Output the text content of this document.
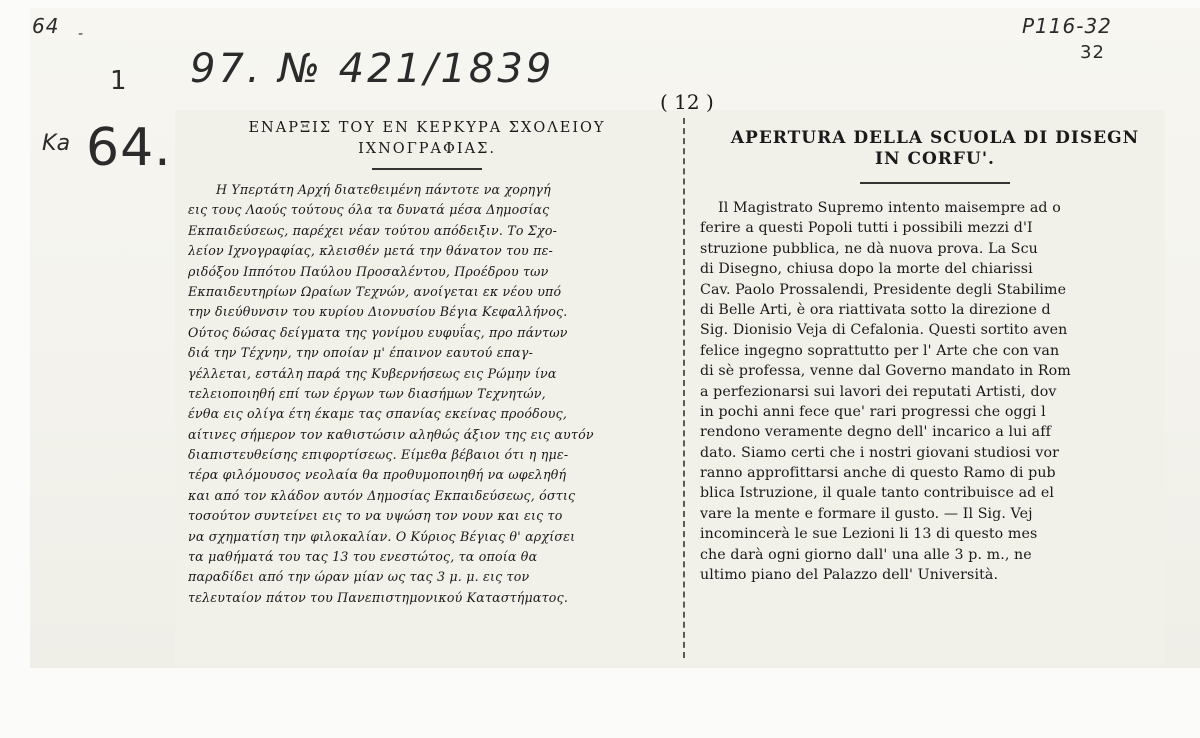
64 -
1
Ka 64.
97. № 421/1839
P116-32
32
( 12 )
ΕΝΑΡΞΙΣ ΤΟΥ ΕΝ ΚΕΡΚΥΡΑ ΣΧΟΛΕΙΟΥ
ΙΧΝΟΓΡΑΦΙΑΣ.
Η Υπερτάτη Αρχή διατεθειμένη πάντοτε να χορηγή
εις τους Λαούς τούτους όλα τα δυνατά μέσα Δημοσίας
Εκπαιδεύσεως, παρέχει νέαν τούτου απόδειξιν. Το Σχο-
λείον Ιχνογραφίας, κλεισθέν μετά την θάνατον του πε-
ριδόξου Ιππότου Παύλου Προσαλέντου, Προέδρου των
Εκπαιδευτηρίων Ωραίων Τεχνών, ανοίγεται εκ νέου υπό
την διεύθυνσιν του κυρίου Διονυσίου Βέγια Κεφαλλήνος.
Ούτος δώσας δείγματα της γονίμου ευφυΐας, προ πάντων
διά την Τέχνην, την οποίαν μ' έπαινον εαυτού επαγ-
γέλλεται, εστάλη παρά της Κυβερνήσεως εις Ρώμην ίνα
τελειοποιηθή επί των έργων των διασήμων Τεχνητών,
ένθα εις ολίγα έτη έκαμε τας σπανίας εκείνας προόδους,
αίτινες σήμερον τον καθιστώσιν αληθώς άξιον της εις αυτόν
διαπιστευθείσης επιφορτίσεως. Είμεθα βέβαιοι ότι η ημε-
τέρα φιλόμουσος νεολαία θα προθυμοποιηθή να ωφεληθή
και από τον κλάδον αυτόν Δημοσίας Εκπαιδεύσεως, όστις
τοσούτον συντείνει εις το να υψώση τον νουν και εις το
να σχηματίση την φιλοκαλίαν. Ο Κύριος Βέγιας θ' αρχίσει
τα μαθήματά του τας 13 του ενεστώτος, τα οποία θα
παραδίδει από την ώραν μίαν ως τας 3 μ. μ. εις τον
τελευταίον πάτον του Πανεπιστημονικού Καταστήματος.
APERTURA DELLA SCUOLA DI DISEGN
IN CORFU'.
Il Magistrato Supremo intento maisempre ad o
ferire a questi Popoli tutti i possibili mezzi d'I
struzione pubblica, ne dà nuova prova. La Scu
di Disegno, chiusa dopo la morte del chiarissi
Cav. Paolo Prossalendi, Presidente degli Stabilime
di Belle Arti, è ora riattivata sotto la direzione d
Sig. Dionisio Veja di Cefalonia. Questi sortito aven
felice ingegno soprattutto per l' Arte che con van
di sè professa, venne dal Governo mandato in Rom
a perfezionarsi sui lavori dei reputati Artisti, dov
in pochi anni fece que' rari progressi che oggi l
rendono veramente degno dell' incarico a lui aff
dato. Siamo certi che i nostri giovani studiosi vor
ranno approfittarsi anche di questo Ramo di pub
blica Istruzione, il quale tanto contribuisce ad el
vare la mente e formare il gusto. — Il Sig. Vej
incomincerà le sue Lezioni li 13 di questo mes
che darà ogni giorno dall' una alle 3 p. m., ne
ultimo piano del Palazzo dell' Università.
